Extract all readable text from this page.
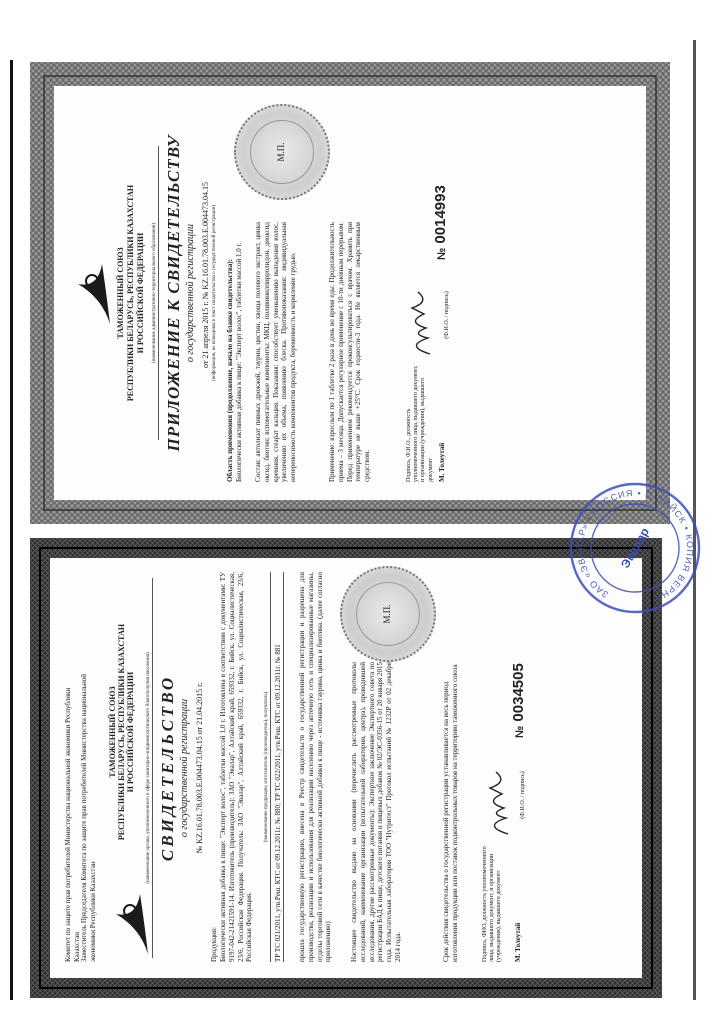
ТАМОЖЕННЫЙ СОЮЗ РЕСПУБЛИКИ БЕЛАРУСЬ, РЕСПУБЛИКИ КАЗАХСТАН И РОССИЙСКОЙ ФЕДЕРАЦИИ (наименование административно-территориального образования) ПРИЛОЖЕНИЕ К СВИДЕТЕЛЬСТВУ о государственной регистрации от 21 апреля 2015 г. № KZ.16.01.78.003.E.004473.04.15 (информация, не вошедшая в текст свидетельства о государственной регистрации) Область применения (продолжение, начало на бланке свидетельства): Биологически активная добавка к пище: "Эксперт волос", таблетки массой 1,0 г. Состав: автолизат пивных дрожжей, таурин, цистин, хвоща полевого экстракт, цинка оксид, биотин; вспомогательные компоненты: МКЦ, поливинилпирролидон, диоксид кремния, стеарат кальция. Показания: способствует уменьшению выпадения волос, увеличению их объема, появлению блеска. Противопоказания: индивидуальная непереносимость компонентов продукта, беременность и кормление грудью.	Применение: взрослым по 1 таблетке 2 раза в день во время еды. Продолжительность приема – 3 месяца. Допускается регулярное применение с 10-ти дневным перерывом. Перед применением рекомендуется проконсультироваться с врачом. Хранить при температуре не выше +25°С. Срок годности-3 года. Не является лекарственным средством.
М.П.
Подпись, Ф.И.О., должность уполномоченного лица, выдавшего документ, и организации (учреждения), выдавшего документ М. Толеутай
(Ф.И.О. / подпись)
№ 0014993
Комитет по защите прав потребителей Министерства национальной экономики Республики Казахстан Заместитель Председателя Комитета по защите прав потребителей Министерства национальной экономики Республики Казахстан
ТАМОЖЕННЫЙ СОЮЗ РЕСПУБЛИКИ БЕЛАРУСЬ, РЕСПУБЛИКИ КАЗАХСТАН И РОССИЙСКОЙ ФЕДЕРАЦИИ (наименование органа, уполномоченного в сфере санитарно-эпидемиологического благополучия населения) СВИДЕТЕЛЬСТВО о государственной регистрации № KZ.16.01.78.003.E.004473.04.15 от 21.04.2015 г.
Продукция: Биологически активная добавка к пище: "Эксперт волос", таблетки массой 1,0 г. Изготовлена в соответствии с документами: ТУ 9197-042-21421591-14. Изготовитель (производитель): ЗАО "Эвалар", Алтайский край, 659332, г. Бийск, ул. Социалистическая, 23/6, Российская Федерация. Получатель: ЗАО "Эвалар", Алтайский край, 659332, г. Бийск, ул. Социалистическая, 23/6, Российская Федерация.
(наименование продукции, изготовитель (производитель), получатель) ТР ТС 021/2011, утв.Реш. КТС от 09.12.2011г. № 880; ТР ТС 022/2011, утв.Реш. КТС от 09.12.2011г. № 881 прошла государственную регистрацию, внесена в Реестр свидетельств о государственной регистрации и разрешена для производства, реализации и использования для реализации населению через аптечную сеть и специализированные магазины, отделы торговой сети в качестве биологически активной добавки к пище - источника таурина, цинка и биотина. (далее согласно приложению)	Настоящее свидетельство выдано на основании (перечислить рассмотренные протоколы исследований, наименование организации (испытательной лаборатории, центра), проводившей исследования, другие рассмотренные документы): Экспертное заключение Экспертного совета по регистрации БАД к пище, детского питания и пищевых добавок № 02/ЭС-0356-15 от 20 января 2015 года. Испытательная лаборатория ТОО "Нутритест" Протокол испытаний № 1232Р от 02 декабря 2014 года.
М.П.
Срок действия свидетельства о государственной регистрации устанавливается на весь период изготовления продукции или поставок подконтрольных товаров на территорию таможенного союза	Подпись, ФИО, должность уполномоченного лица, выдавшего документ, и организации (учреждения), выдавшего документ М. Толеутай
(Ф.И.О. / подпись)
№ 0034505
ЗАО «ЭВАЛАР» • РОССИЯ • Г. БИЙСК • КОПИЯ ВЕРНА •
Эвалар
